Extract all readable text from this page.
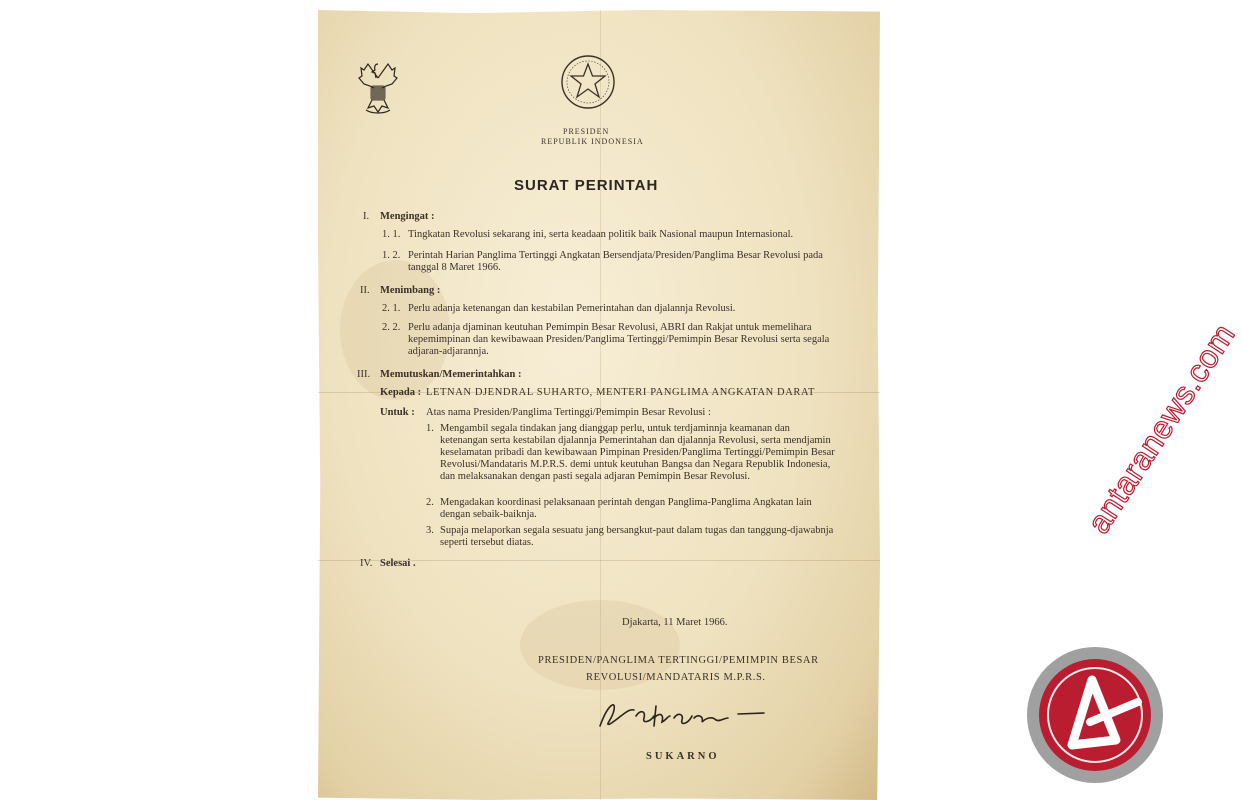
PRESIDEN
REPUBLIK INDONESIA
SURAT PERINTAH
I. Mengingat :
1. 1. Tingkatan Revolusi sekarang ini, serta keadaan politik baik Nasional maupun Internasional.
1. 2. Perintah Harian Panglima Tertinggi Angkatan Bersendjata/Presiden/Panglima Besar Revolusi pada tanggal 8 Maret 1966.
II. Menimbang :
2. 1. Perlu adanja ketenangan dan kestabilan Pemerintahan dan djalannja Revolusi.
2. 2. Perlu adanja djaminan keutuhan Pemimpin Besar Revolusi, ABRI dan Rakjat untuk memelihara kepemimpinan dan kewibawaan Presiden/Panglima Tertinggi/Pemimpin Besar Revolusi serta segala adjaran-adjarannja.
III. Memutuskan/Memerintahkan :
Kepada : LETNAN DJENDRAL SUHARTO, MENTERI PANGLIMA ANGKATAN DARAT
Untuk : Atas nama Presiden/Panglima Tertinggi/Pemimpin Besar Revolusi :
1. Mengambil segala tindakan jang dianggap perlu, untuk terdjaminnja keamanan dan ketenangan serta kestabilan djalannja Pemerintahan dan djalannja Revolusi, serta mendjamin keselamatan pribadi dan kewibawaan Pimpinan Presiden/Panglima Tertinggi/Pemimpin Besar Revolusi/Mandataris M.P.R.S. demi untuk keutuhan Bangsa dan Negara Republik Indonesia, dan melaksanakan dengan pasti segala adjaran Pemimpin Besar Revolusi.
2. Mengadakan koordinasi pelaksanaan perintah dengan Panglima-Panglima Angkatan lain dengan sebaik-baiknja.
3. Supaja melaporkan segala sesuatu jang bersangkut-paut dalam tugas dan tanggung-djawabnja seperti tersebut diatas.
IV. Selesai .
Djakarta, 11 Maret 1966.
PRESIDEN/PANGLIMA TERTINGGI/PEMIMPIN BESAR
REVOLUSI/MANDATARIS M.P.R.S.
SUKARNO
antaranews.com
